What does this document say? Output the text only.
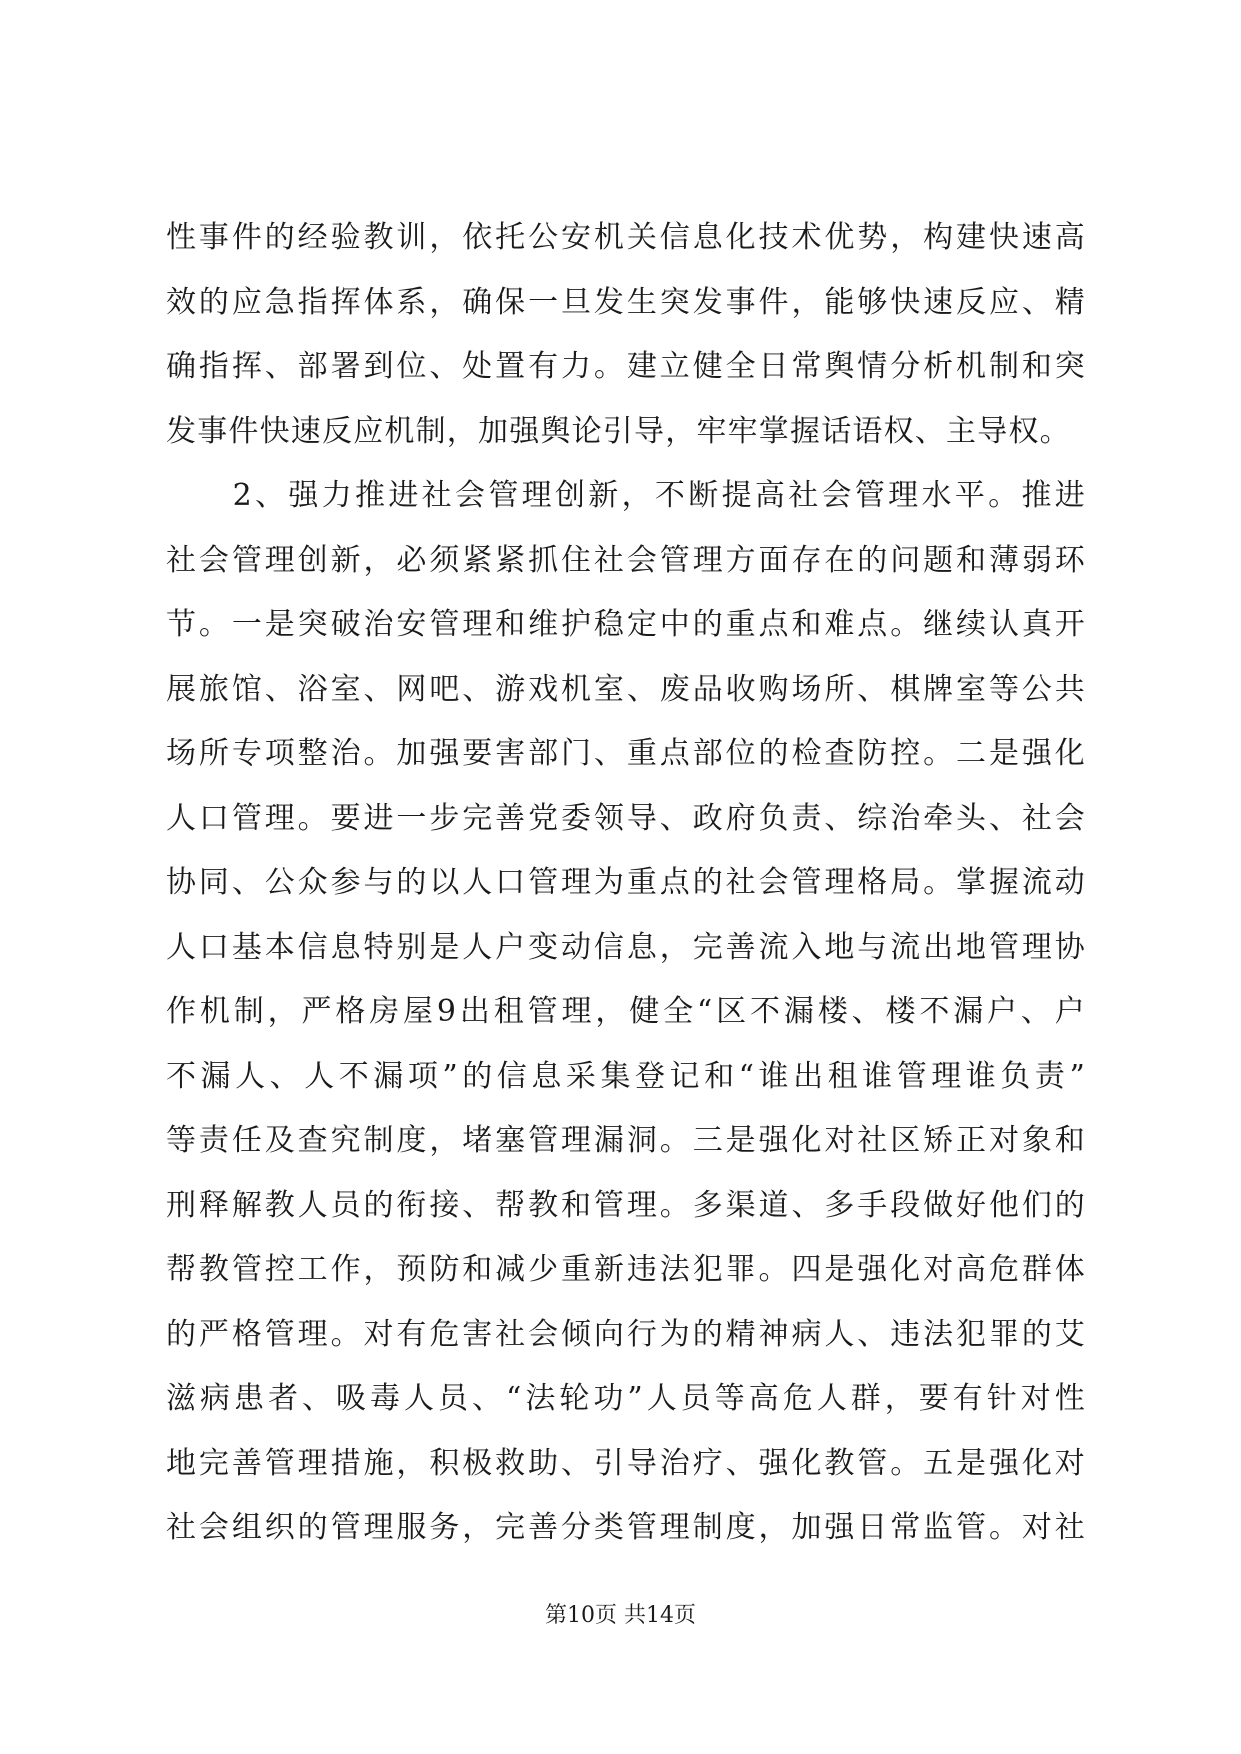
性事件的经验教训，依托公安机关信息化技术优势，构建快速高
效的应急指挥体系，确保一旦发生突发事件，能够快速反应、精
确指挥、部署到位、处置有力。建立健全日常舆情分析机制和突
发事件快速反应机制，加强舆论引导，牢牢掌握话语权、主导权。
　　2、强力推进社会管理创新，不断提高社会管理水平。推进
社会管理创新，必须紧紧抓住社会管理方面存在的问题和薄弱环
节。一是突破治安管理和维护稳定中的重点和难点。继续认真开
展旅馆、浴室、网吧、游戏机室、废品收购场所、棋牌室等公共
场所专项整治。加强要害部门、重点部位的检查防控。二是强化
人口管理。要进一步完善党委领导、政府负责、综治牵头、社会
协同、公众参与的以人口管理为重点的社会管理格局。掌握流动
人口基本信息特别是人户变动信息，完善流入地与流出地管理协
作机制，严格房屋9出租管理，健全“区不漏楼、楼不漏户、户
不漏人、人不漏项”的信息采集登记和“谁出租谁管理谁负责”
等责任及查究制度，堵塞管理漏洞。三是强化对社区矫正对象和
刑释解教人员的衔接、帮教和管理。多渠道、多手段做好他们的
帮教管控工作，预防和减少重新违法犯罪。四是强化对高危群体
的严格管理。对有危害社会倾向行为的精神病人、违法犯罪的艾
滋病患者、吸毒人员、“法轮功”人员等高危人群，要有针对性
地完善管理措施，积极救助、引导治疗、强化教管。五是强化对
社会组织的管理服务，完善分类管理制度，加强日常监管。对社
第10页 共14页
